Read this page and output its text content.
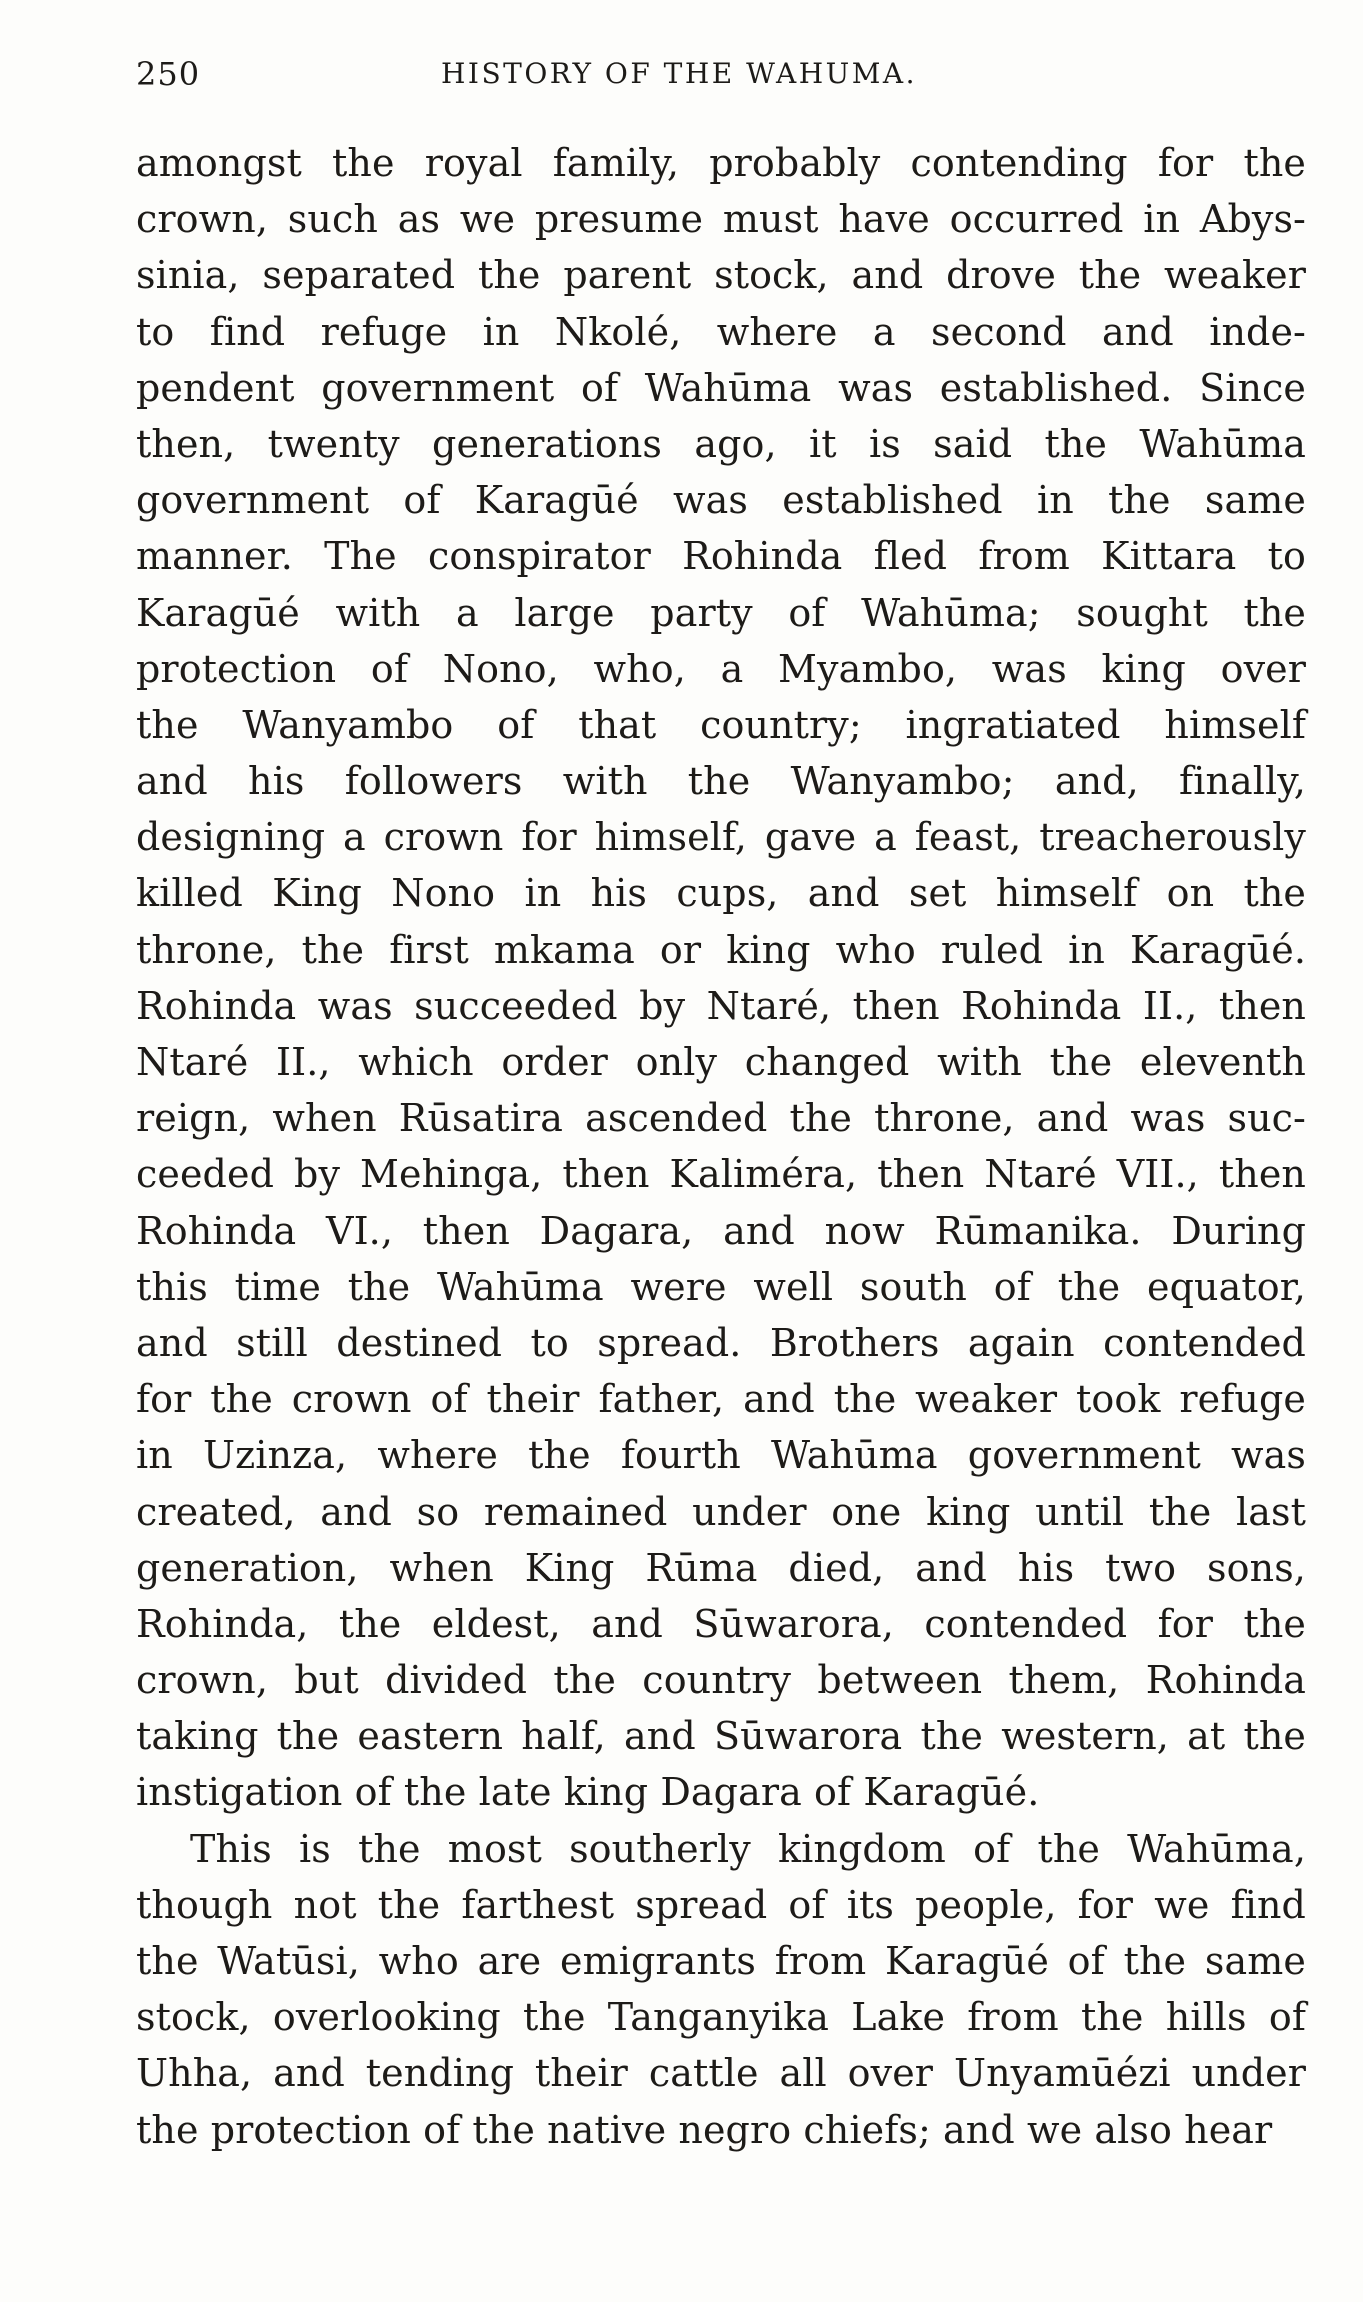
250	HISTORY OF THE WAHUMA.
amongst the royal family, probably contending for the
crown, such as we presume must have occurred in Abys-
sinia, separated the parent stock, and drove the weaker
to find refuge in Nkolé, where a second and inde-
pendent government of Wahūma was established. Since
then, twenty generations ago, it is said the Wahūma
government of Karagūé was established in the same
manner. The conspirator Rohinda fled from Kittara to
Karagūé with a large party of Wahūma; sought the
protection of Nono, who, a Myambo, was king over
the Wanyambo of that country; ingratiated himself
and his followers with the Wanyambo; and, finally,
designing a crown for himself, gave a feast, treacherously
killed King Nono in his cups, and set himself on the
throne, the first mkama or king who ruled in Karagūé.
Rohinda was succeeded by Ntaré, then Rohinda II., then
Ntaré II., which order only changed with the eleventh
reign, when Rūsatira ascended the throne, and was suc-
ceeded by Mehinga, then Kaliméra, then Ntaré VII., then
Rohinda VI., then Dagara, and now Rūmanika. During
this time the Wahūma were well south of the equator,
and still destined to spread. Brothers again contended
for the crown of their father, and the weaker took refuge
in Uzinza, where the fourth Wahūma government was
created, and so remained under one king until the last
generation, when King Rūma died, and his two sons,
Rohinda, the eldest, and Sūwarora, contended for the
crown, but divided the country between them, Rohinda
taking the eastern half, and Sūwarora the western, at the
instigation of the late king Dagara of Karagūé.
This is the most southerly kingdom of the Wahūma,
though not the farthest spread of its people, for we find
the Watūsi, who are emigrants from Karagūé of the same
stock, overlooking the Tanganyika Lake from the hills of
Uhha, and tending their cattle all over Unyamūézi under
the protection of the native negro chiefs; and we also hear
